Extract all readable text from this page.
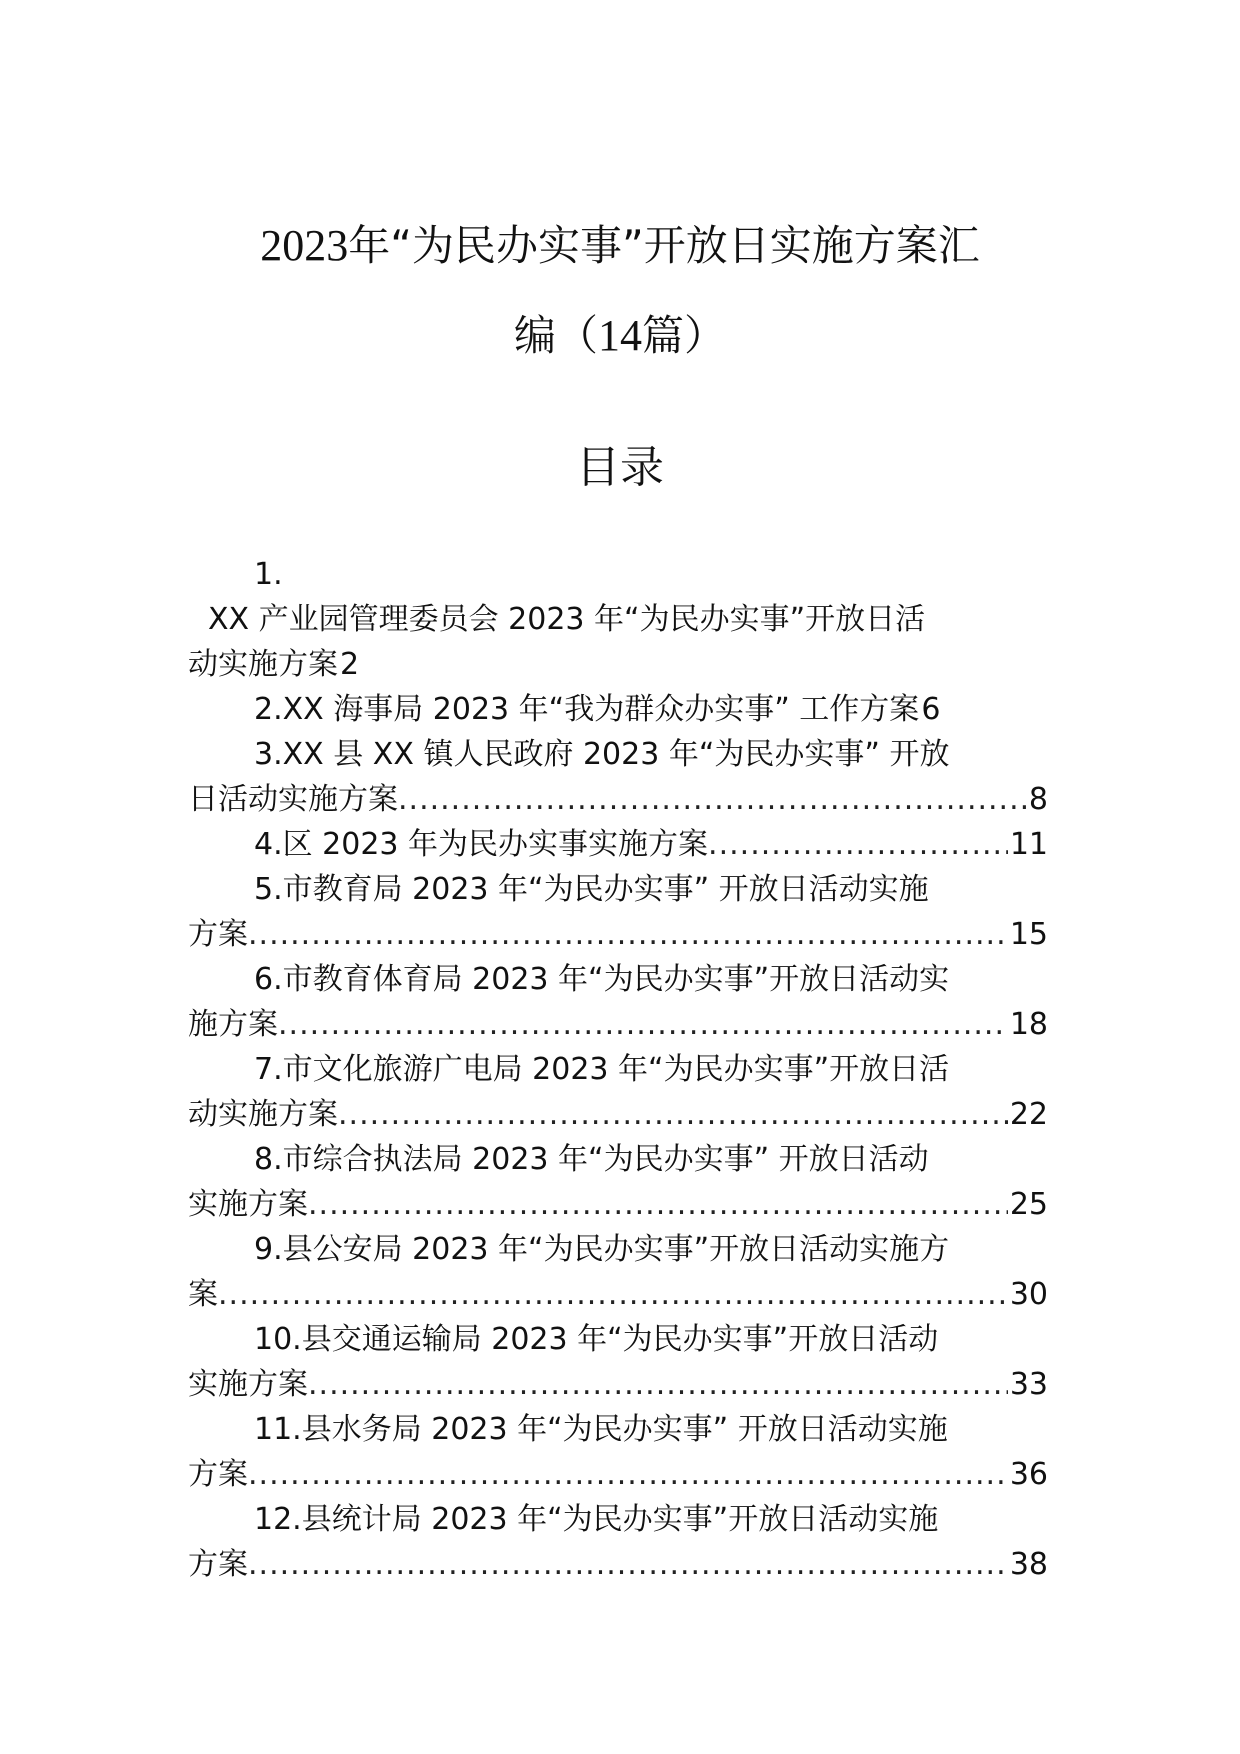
2023年“为民办实事”开放日实施方案汇
编（14篇）
目录
1.
XX 产业园管理委员会 2023 年“为民办实事”开放日活
动实施方案 2
2.XX 海事局 2023 年“我为群众办实事” 工作方案 6
3.XX 县 XX 镇人民政府 2023 年“为民办实事” 开放
日活动实施方案 .....	8
4.区 2023 年为民办实事实施方案 .....	11
5.市教育局 2023 年“为民办实事” 开放日活动实施
方案 .....	15
6.市教育体育局 2023 年“为民办实事”开放日活动实
施方案 .....	18
7.市文化旅游广电局 2023 年“为民办实事”开放日活
动实施方案 .....	22
8.市综合执法局 2023 年“为民办实事” 开放日活动
实施方案 .....	25
9.县公安局 2023 年“为民办实事”开放日活动实施方
案 .....	30
10.县交通运输局 2023 年“为民办实事”开放日活动
实施方案 .....	33
11.县水务局 2023 年“为民办实事” 开放日活动实施
方案 .....	36
12.县统计局 2023 年“为民办实事”开放日活动实施
方案 .....	38
